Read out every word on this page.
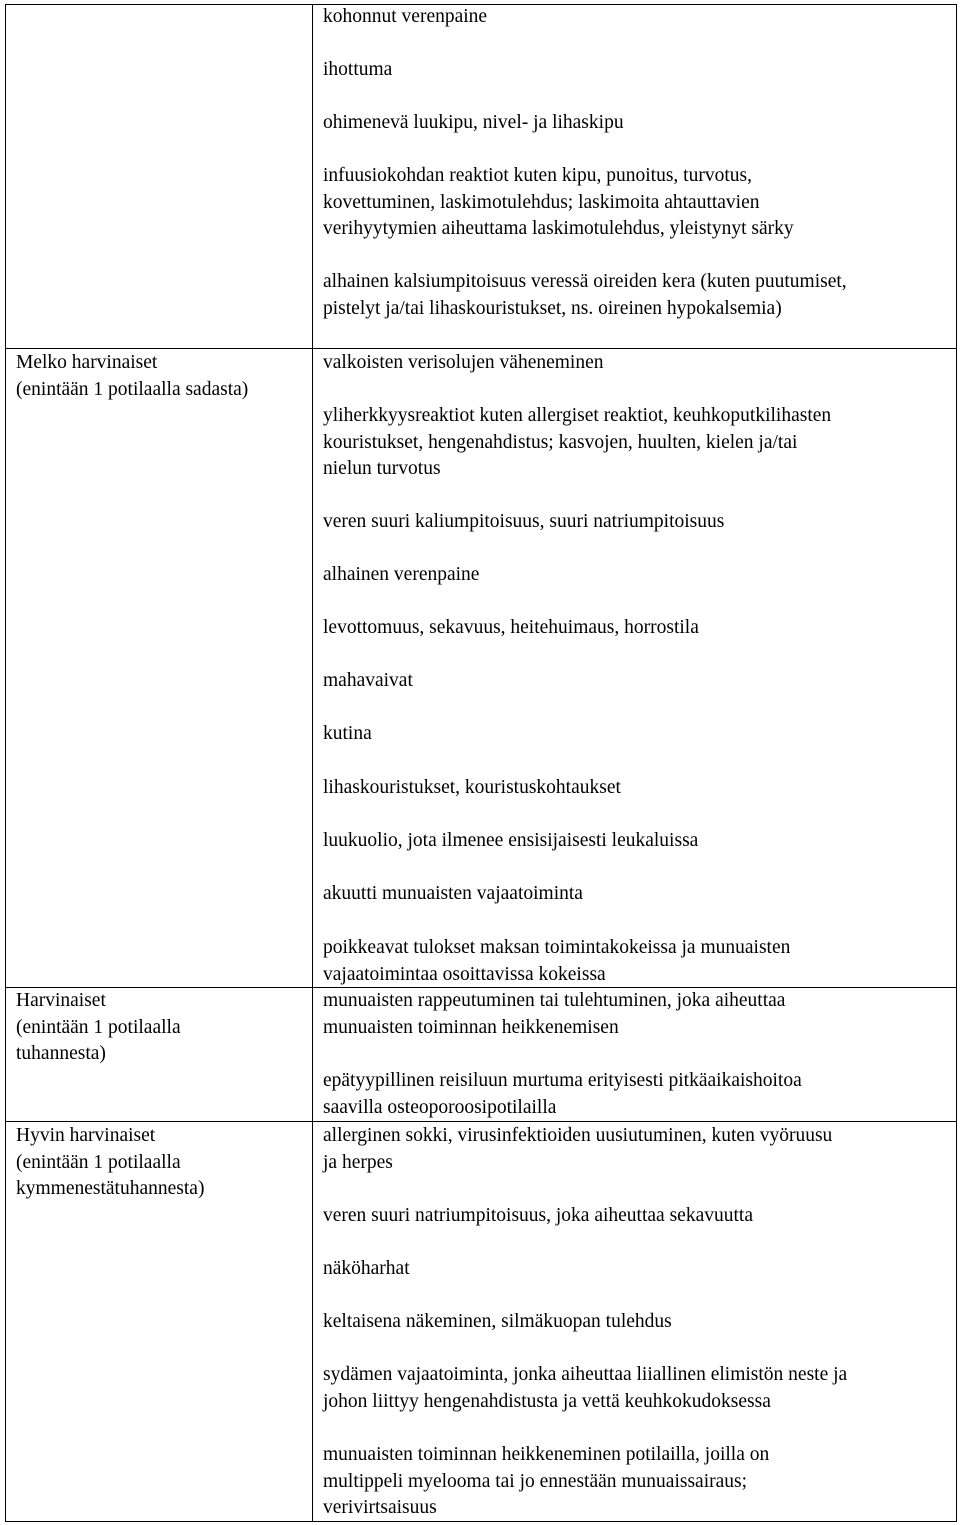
Melko harvinaiset
(enintään 1 potilaalla sadasta)
Harvinaiset
(enintään 1 potilaalla
tuhannesta)
Hyvin harvinaiset
(enintään 1 potilaalla
kymmenestätuhannesta)
kohonnut verenpaine
ihottuma
ohimenevä luukipu, nivel- ja lihaskipu
infuusiokohdan reaktiot kuten kipu, punoitus, turvotus,
kovettuminen, laskimotulehdus; laskimoita ahtauttavien
verihyytymien aiheuttama laskimotulehdus, yleistynyt särky
alhainen kalsiumpitoisuus veressä oireiden kera (kuten puutumiset,
pistelyt ja/tai lihaskouristukset, ns. oireinen hypokalsemia)
valkoisten verisolujen väheneminen
yliherkkyysreaktiot kuten allergiset reaktiot, keuhkoputkilihasten
kouristukset, hengenahdistus; kasvojen, huulten, kielen ja/tai
nielun turvotus
veren suuri kaliumpitoisuus, suuri natriumpitoisuus
alhainen verenpaine
levottomuus, sekavuus, heitehuimaus, horrostila
mahavaivat
kutina
lihaskouristukset, kouristuskohtaukset
luukuolio, jota ilmenee ensisijaisesti leukaluissa
akuutti munuaisten vajaatoiminta
poikkeavat tulokset maksan toimintakokeissa ja munuaisten
vajaatoimintaa osoittavissa kokeissa
munuaisten rappeutuminen tai tulehtuminen, joka aiheuttaa
munuaisten toiminnan heikkenemisen
epätyypillinen reisiluun murtuma erityisesti pitkäaikaishoitoa
saavilla osteoporoosipotilailla
allerginen sokki, virusinfektioiden uusiutuminen, kuten vyöruusu
ja herpes
veren suuri natriumpitoisuus, joka aiheuttaa sekavuutta
näköharhat
keltaisena näkeminen, silmäkuopan tulehdus
sydämen vajaatoiminta, jonka aiheuttaa liiallinen elimistön neste ja
johon liittyy hengenahdistusta ja vettä keuhkokudoksessa
munuaisten toiminnan heikkeneminen potilailla, joilla on
multippeli myelooma tai jo ennestään munuaissairaus;
verivirtsaisuus
